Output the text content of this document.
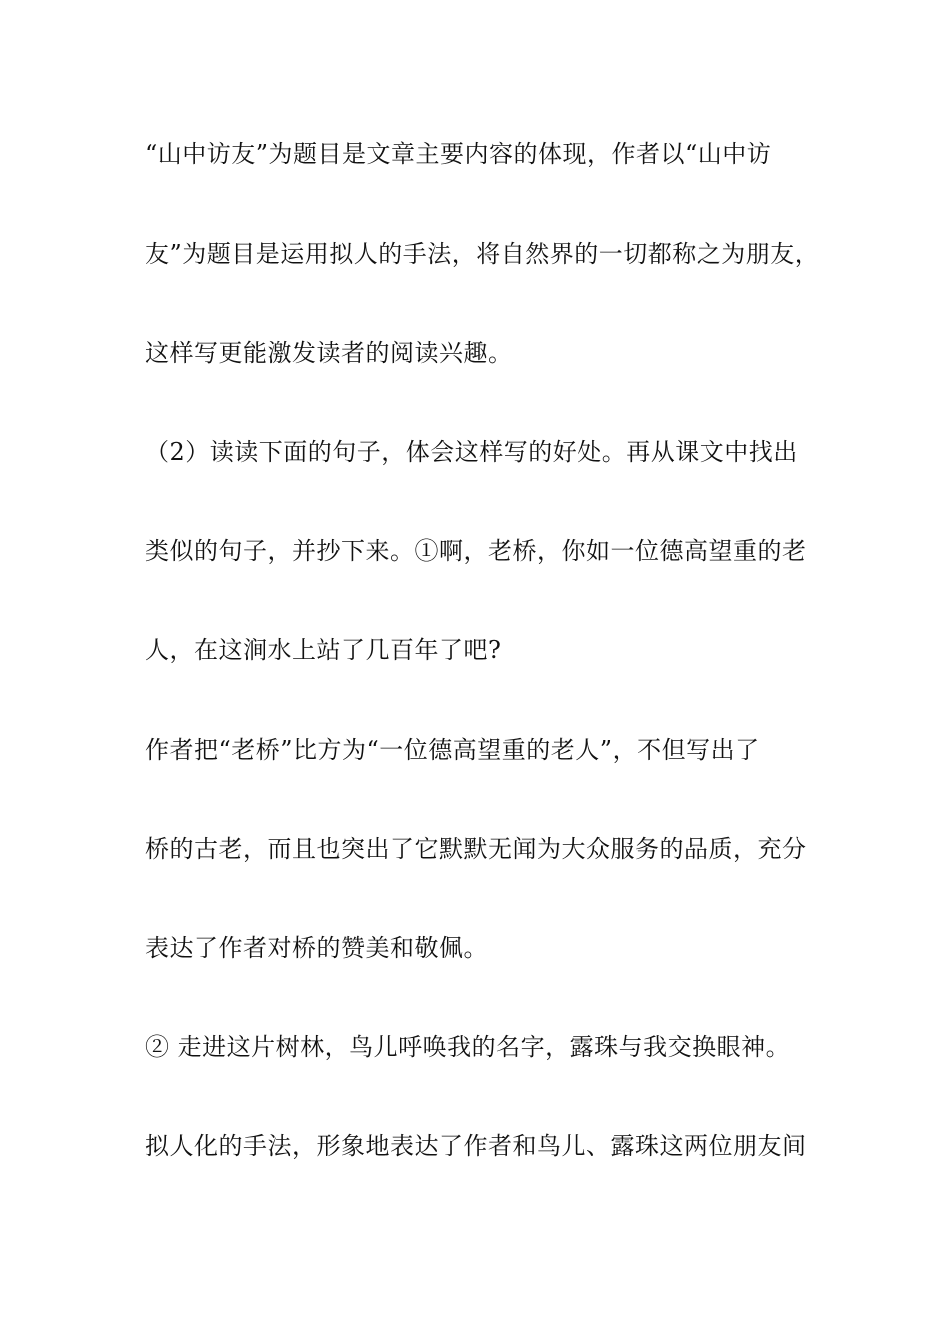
“山中访友”为题目是文章主要内容的体现，作者以“山中访
友”为题目是运用拟人的手法，将自然界的一切都称之为朋友，
这样写更能激发读者的阅读兴趣。
（2）读读下面的句子，体会这样写的好处。再从课文中找出
类似的句子，并抄下来。①啊，老桥，你如一位德高望重的老
人，在这涧水上站了几百年了吧?
作者把“老桥”比方为“一位德高望重的老人”，不但写出了
桥的古老，而且也突出了它默默无闻为大众服务的品质，充分
表达了作者对桥的赞美和敬佩。
② 走进这片树林，鸟儿呼唤我的名字，露珠与我交换眼神。
拟人化的手法，形象地表达了作者和鸟儿、露珠这两位朋友间
